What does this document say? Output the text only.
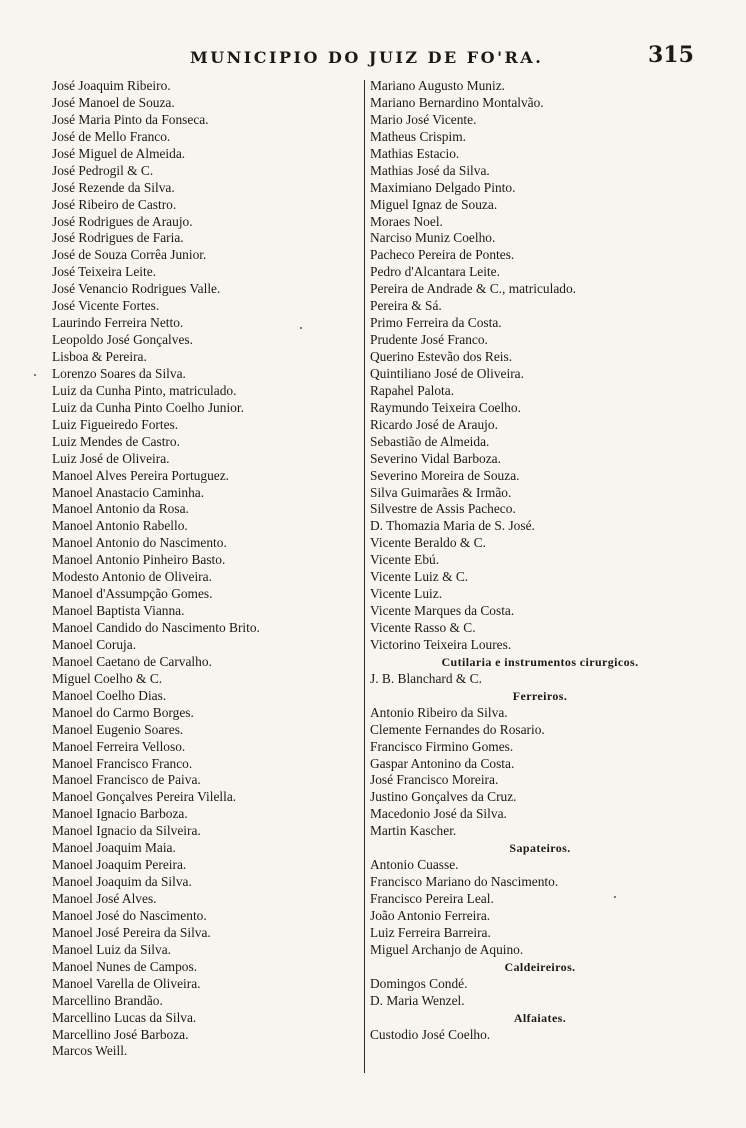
MUNICIPIO DO JUIZ DE FO'RA.	315
José Joaquim Ribeiro.
José Manoel de Souza.
José Maria Pinto da Fonseca.
José de Mello Franco.
José Miguel de Almeida.
José Pedrogil & C.
José Rezende da Silva.
José Ribeiro de Castro.
José Rodrigues de Araujo.
José Rodrigues de Faria.
José de Souza Corrêa Junior.
José Teixeira Leite.
José Venancio Rodrigues Valle.
José Vicente Fortes.
Laurindo Ferreira Netto.
Leopoldo José Gonçalves.
Lisboa & Pereira.
Lorenzo Soares da Silva.
Luiz da Cunha Pinto, matriculado.
Luiz da Cunha Pinto Coelho Junior.
Luiz Figueiredo Fortes.
Luiz Mendes de Castro.
Luiz José de Oliveira.
Manoel Alves Pereira Portuguez.
Manoel Anastacio Caminha.
Manoel Antonio da Rosa.
Manoel Antonio Rabello.
Manoel Antonio do Nascimento.
Manoel Antonio Pinheiro Basto.
Modesto Antonio de Oliveira.
Manoel d'Assumpção Gomes.
Manoel Baptista Vianna.
Manoel Candido do Nascimento Brito.
Manoel Coruja.
Manoel Caetano de Carvalho.
Miguel Coelho & C.
Manoel Coelho Dias.
Manoel do Carmo Borges.
Manoel Eugenio Soares.
Manoel Ferreira Velloso.
Manoel Francisco Franco.
Manoel Francisco de Paiva.
Manoel Gonçalves Pereira Vilella.
Manoel Ignacio Barboza.
Manoel Ignacio da Silveira.
Manoel Joaquim Maia.
Manoel Joaquim Pereira.
Manoel Joaquim da Silva.
Manoel José Alves.
Manoel José do Nascimento.
Manoel José Pereira da Silva.
Manoel Luiz da Silva.
Manoel Nunes de Campos.
Manoel Varella de Oliveira.
Marcellino Brandão.
Marcellino Lucas da Silva.
Marcellino José Barboza.
Marcos Weill.
Mariano Augusto Muniz.
Mariano Bernardino Montalvão.
Mario José Vicente.
Matheus Crispim.
Mathias Estacio.
Mathias José da Silva.
Maximiano Delgado Pinto.
Miguel Ignaz de Souza.
Moraes Noel.
Narciso Muniz Coelho.
Pacheco Pereira de Pontes.
Pedro d'Alcantara Leite.
Pereira de Andrade & C., matriculado.
Pereira & Sá.
Primo Ferreira da Costa.
Prudente José Franco.
Querino Estevão dos Reis.
Quintiliano José de Oliveira.
Rapahel Palota.
Raymundo Teixeira Coelho.
Ricardo José de Araujo.
Sebastião de Almeida.
Severino Vidal Barboza.
Severino Moreira de Souza.
Silva Guimarães & Irmão.
Silvestre de Assis Pacheco.
D. Thomazia Maria de S. José.
Vicente Beraldo & C.
Vicente Ebú.
Vicente Luiz & C.
Vicente Luiz.
Vicente Marques da Costa.
Vicente Rasso & C.
Victorino Teixeira Loures.
Cutilaria e instrumentos cirurgicos.
J. B. Blanchard & C.
Ferreiros.
Antonio Ribeiro da Silva.
Clemente Fernandes do Rosario.
Francisco Firmino Gomes.
Gaspar Antonino da Costa.
José Francisco Moreira.
Justino Gonçalves da Cruz.
Macedonio José da Silva.
Martin Kascher.
Sapateiros.
Antonio Cuasse.
Francisco Mariano do Nascimento.
Francisco Pereira Leal.
João Antonio Ferreira.
Luiz Ferreira Barreira.
Miguel Archanjo de Aquino.
Caldeireiros.
Domingos Condé.
D. Maria Wenzel.
Alfaiates.
Custodio José Coelho.
